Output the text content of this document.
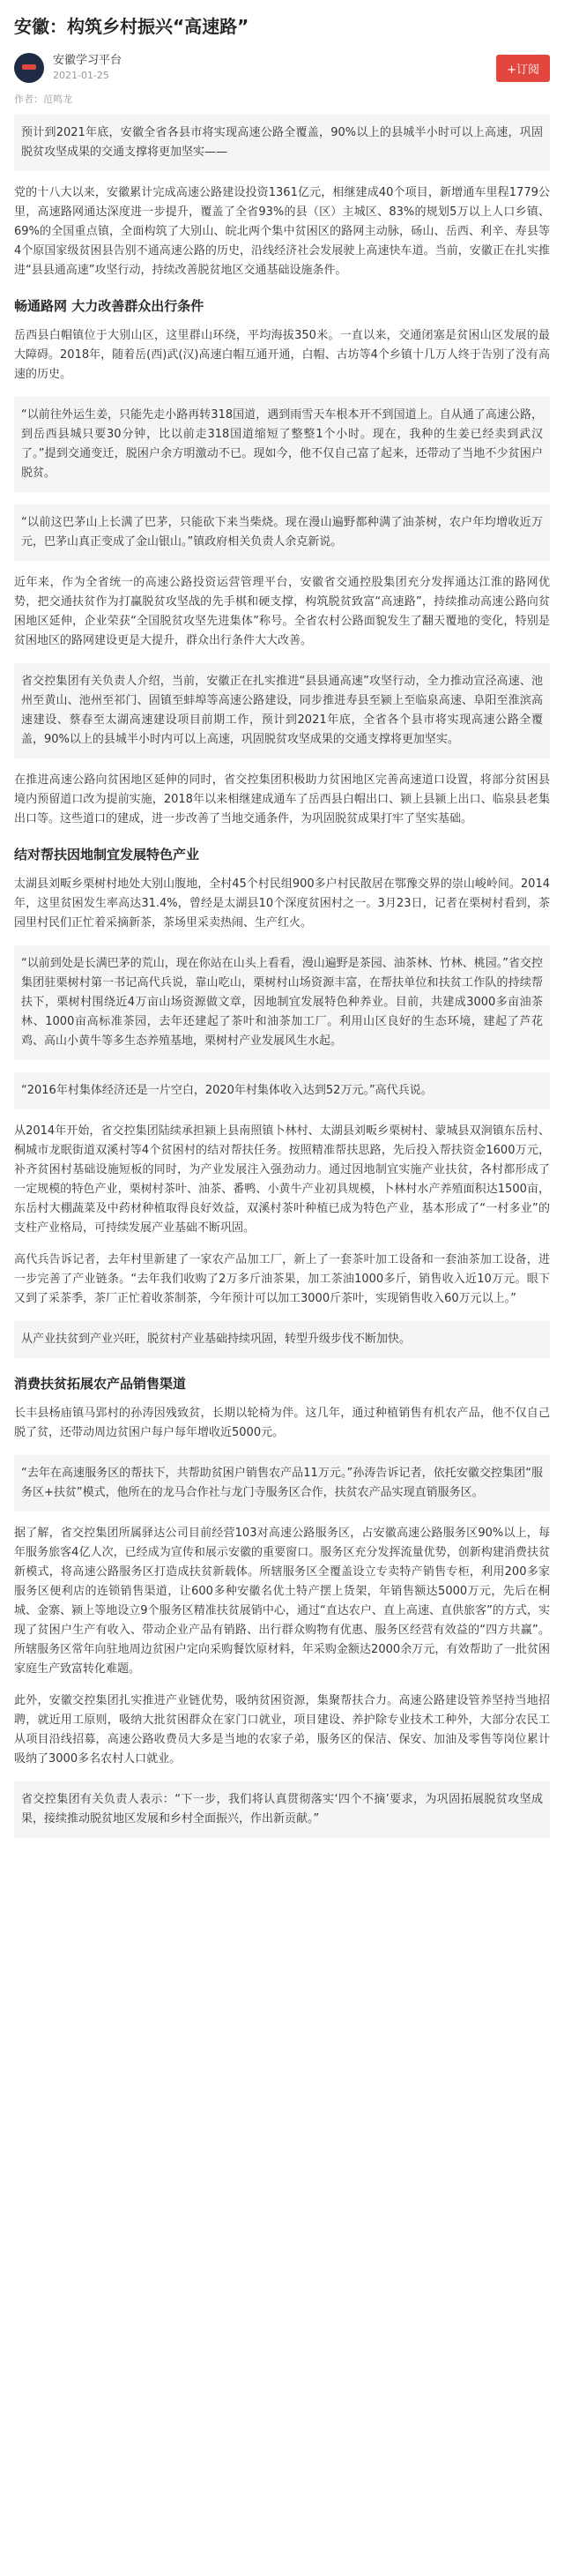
安徽：构筑乡村振兴“高速路”
安徽学习平台
2021-01-25	+订阅
作者：范鸣龙

预计到2021年底，安徽全省各县市将实现高速公路全覆盖，90%以上的县城半小时可以上高速，巩固脱贫攻坚成果的交通支撑将更加坚实——

党的十八大以来，安徽累计完成高速公路建设投资1361亿元，相继建成40个项目，新增通车里程1779公里，高速路网通达深度进一步提升，覆盖了全省93%的县（区）主城区、83%的规划5万以上人口乡镇、69%的全国重点镇，全面构筑了大别山、皖北两个集中贫困区的路网主动脉，砀山、岳西、利辛、寿县等4个原国家级贫困县告别不通高速公路的历史，沿线经济社会发展驶上高速快车道。当前，安徽正在扎实推进“县县通高速”攻坚行动，持续改善脱贫地区交通基础设施条件。

畅通路网 大力改善群众出行条件

岳西县白帽镇位于大别山区，这里群山环绕，平均海拔350米。一直以来，交通闭塞是贫困山区发展的最大障碍。2018年，随着岳(西)武(汉)高速白帽互通开通，白帽、古坊等4个乡镇十几万人终于告别了没有高速的历史。

“以前往外运生姜，只能先走小路再转318国道，遇到雨雪天车根本开不到国道上。自从通了高速公路，到岳西县城只要30分钟，比以前走318国道缩短了整整1个小时。现在，我种的生姜已经卖到武汉了。”提到交通变迁，脱困户余方明激动不已。现如今，他不仅自己富了起来，还带动了当地不少贫困户脱贫。

“以前这巴茅山上长满了巴茅，只能砍下来当柴烧。现在漫山遍野都种满了油茶树，农户年均增收近万元，巴茅山真正变成了金山银山。”镇政府相关负责人余克新说。

近年来，作为全省统一的高速公路投资运营管理平台，安徽省交通控股集团充分发挥通达江淮的路网优势，把交通扶贫作为打赢脱贫攻坚战的先手棋和硬支撑，构筑脱贫致富“高速路”，持续推动高速公路向贫困地区延伸，企业荣获“全国脱贫攻坚先进集体”称号。全省农村公路面貌发生了翻天覆地的变化，特别是贫困地区的路网建设更是大提升，群众出行条件大大改善。

省交控集团有关负责人介绍，当前，安徽正在扎实推进“县县通高速”攻坚行动，全力推动宣泾高速、池州至黄山、池州至祁门、固镇至蚌埠等高速公路建设，同步推进寿县至颍上至临泉高速、阜阳至淮滨高速建设、蔡春至太湖高速建设项目前期工作，预计到2021年底，全省各个县市将实现高速公路全覆盖，90%以上的县城半小时内可以上高速，巩固脱贫攻坚成果的交通支撑将更加坚实。

在推进高速公路向贫困地区延伸的同时，省交控集团积极助力贫困地区完善高速道口设置，将部分贫困县境内预留道口改为提前实施，2018年以来相继建成通车了岳西县白帽出口、颍上县颍上出口、临泉县老集出口等。这些道口的建成，进一步改善了当地交通条件，为巩固脱贫成果打牢了坚实基础。

结对帮扶因地制宜发展特色产业

太湖县刘畈乡栗树村地处大别山腹地，全村45个村民组900多户村民散居在鄂豫交界的崇山峻岭间。2014年，这里贫困发生率高达31.4%，曾经是太湖县10个深度贫困村之一。3月23日，记者在栗树村看到，茶园里村民们正忙着采摘新茶，茶场里采卖热闹、生产红火。

“以前到处是长满巴茅的荒山，现在你站在山头上看看，漫山遍野是茶园、油茶林、竹林、桃园。”省交控集团驻栗树村第一书记高代兵说，靠山吃山，栗树村山场资源丰富，在帮扶单位和扶贫工作队的持续帮扶下，栗树村围绕近4万亩山场资源做文章，因地制宜发展特色种养业。目前，共建成3000多亩油茶林、1000亩高标准茶园，去年还建起了茶叶和油茶加工厂。利用山区良好的生态环境，建起了芦花鸡、高山小黄牛等多生态养殖基地，栗树村产业发展风生水起。

“2016年村集体经济还是一片空白，2020年村集体收入达到52万元。”高代兵说。

从2014年开始，省交控集团陆续承担颍上县南照镇卜林村、太湖县刘畈乡栗树村、蒙城县双涧镇东岳村、桐城市龙眠街道双溪村等4个贫困村的结对帮扶任务。按照精准帮扶思路，先后投入帮扶资金1600万元，补齐贫困村基础设施短板的同时，为产业发展注入强劲动力。通过因地制宜实施产业扶贫，各村都形成了一定规模的特色产业，栗树村茶叶、油茶、番鸭、小黄牛产业初具规模，卜林村水产养殖面积达1500亩，东岳村大棚蔬菜及中药材种植取得良好效益，双溪村茶叶种植已成为特色产业，基本形成了“一村多业”的支柱产业格局，可持续发展产业基础不断巩固。

高代兵告诉记者，去年村里新建了一家农产品加工厂，新上了一套茶叶加工设备和一套油茶加工设备，进一步完善了产业链条。“去年我们收购了2万多斤油茶果，加工茶油1000多斤，销售收入近10万元。眼下又到了采茶季，茶厂正忙着收茶制茶，今年预计可以加工3000斤茶叶，实现销售收入60万元以上。”

从产业扶贫到产业兴旺，脱贫村产业基础持续巩固，转型升级步伐不断加快。

消费扶贫拓展农产品销售渠道

长丰县杨庙镇马郢村的孙涛因残致贫，长期以轮椅为伴。这几年，通过种植销售有机农产品，他不仅自己脱了贫，还带动周边贫困户每户每年增收近5000元。

“去年在高速服务区的帮扶下，共帮助贫困户销售农产品11万元。”孙涛告诉记者，依托安徽交控集团“服务区+扶贫”模式，他所在的龙马合作社与龙门寺服务区合作，扶贫农产品实现直销服务区。

据了解，省交控集团所属驿达公司目前经营103对高速公路服务区，占安徽高速公路服务区90%以上，每年服务旅客4亿人次，已经成为宣传和展示安徽的重要窗口。服务区充分发挥流量优势，创新构建消费扶贫新模式，将高速公路服务区打造成扶贫新载体。所辖服务区全覆盖设立专卖特产销售专柜，利用200多家服务区便利店的连锁销售渠道，让600多种安徽名优土特产摆上货架，年销售额达5000万元，先后在桐城、金寨、颍上等地设立9个服务区精准扶贫展销中心，通过“直达农户、直上高速、直供旅客”的方式，实现了贫困户生产有收入、带动企业产品有销路、出行群众购物有优惠、服务区经营有效益的“四方共赢”。所辖服务区常年向驻地周边贫困户定向采购餐饮原材料，年采购金额达2000余万元，有效帮助了一批贫困家庭生产致富转化难题。

此外，安徽交控集团扎实推进产业链优势，吸纳贫困资源，集聚帮扶合力。高速公路建设管养坚持当地招聘，就近用工原则，吸纳大批贫困群众在家门口就业，项目建设、养护除专业技术工种外，大部分农民工从项目沿线招募，高速公路收费员大多是当地的农家子弟，服务区的保洁、保安、加油及零售等岗位累计吸纳了3000多名农村人口就业。

省交控集团有关负责人表示：“下一步，我们将认真贯彻落实‘四个不摘’要求，为巩固拓展脱贫攻坚成果，接续推动脱贫地区发展和乡村全面振兴，作出新贡献。”
